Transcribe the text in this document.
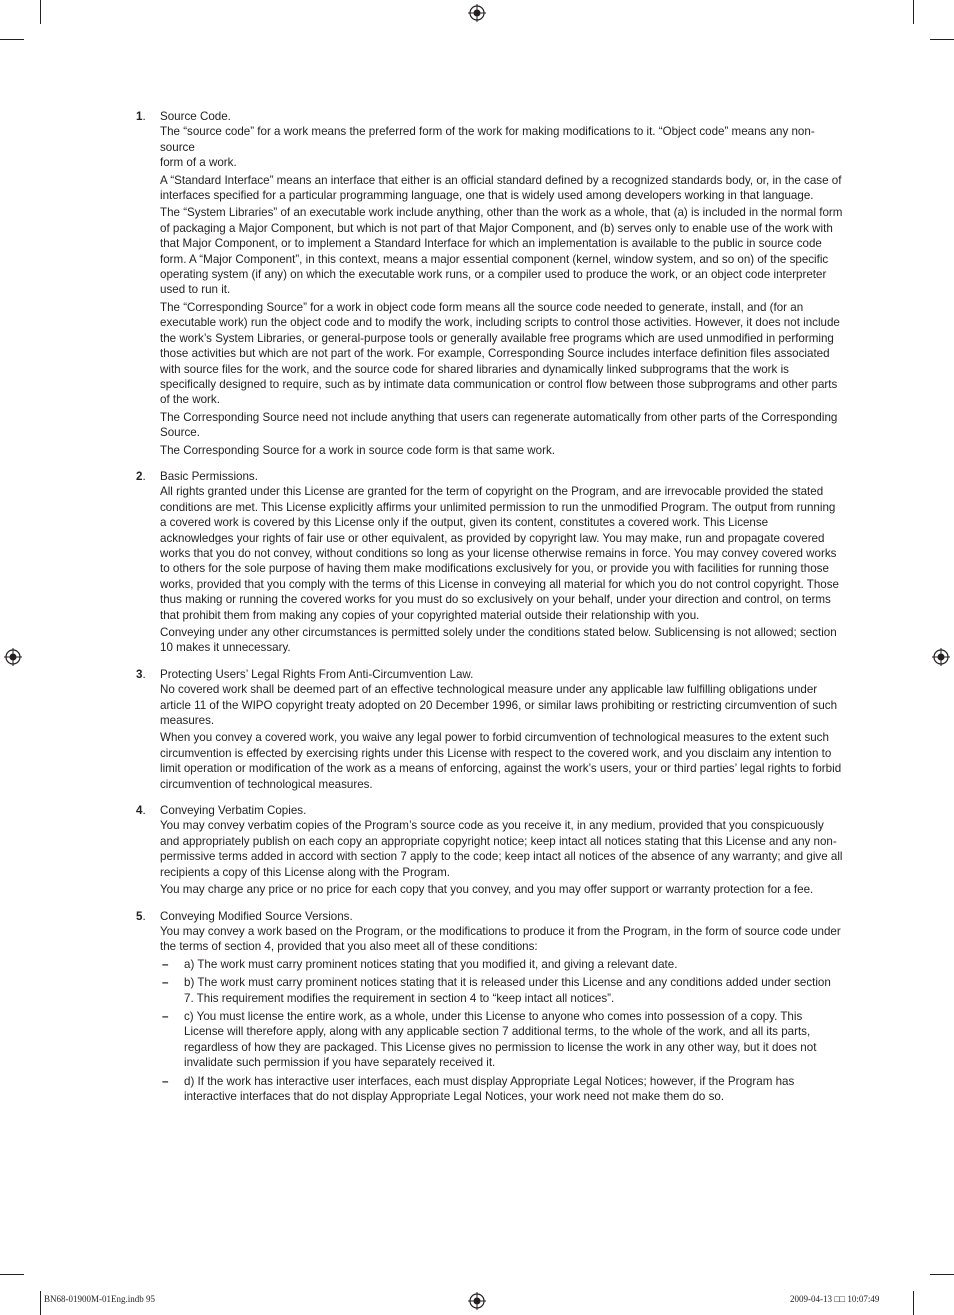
1. Source Code.

The “source code” for a work means the preferred form of the work for making modifications to it. “Object code” means any non-source

form of a work.

A “Standard Interface” means an interface that either is an official standard defined by a recognized standards body, or, in the case of interfaces specified for a particular programming language, one that is widely used among developers working in that language.

The “System Libraries” of an executable work include anything, other than the work as a whole, that (a) is included in the normal form of packaging a Major Component, but which is not part of that Major Component, and (b) serves only to enable use of the work with that Major Component, or to implement a Standard Interface for which an implementation is available to the public in source code form. A “Major Component”, in this context, means a major essential component (kernel, window system, and so on) of the specific operating system (if any) on which the executable work runs, or a compiler used to produce the work, or an object code interpreter used to run it.

The “Corresponding Source” for a work in object code form means all the source code needed to generate, install, and (for an executable work) run the object code and to modify the work, including scripts to control those activities. However, it does not include the work’s System Libraries, or general-purpose tools or generally available free programs which are used unmodified in performing those activities but which are not part of the work. For example, Corresponding Source includes interface definition files associated with source files for the work, and the source code for shared libraries and dynamically linked subprograms that the work is specifically designed to require, such as by intimate data communication or control flow between those subprograms and other parts of the work.

The Corresponding Source need not include anything that users can regenerate automatically from other parts of the Corresponding Source.

The Corresponding Source for a work in source code form is that same work.

2. Basic Permissions.

All rights granted under this License are granted for the term of copyright on the Program, and are irrevocable provided the stated conditions are met. This License explicitly affirms your unlimited permission to run the unmodified Program. The output from running a covered work is covered by this License only if the output, given its content, constitutes a covered work. This License acknowledges your rights of fair use or other equivalent, as provided by copyright law. You may make, run and propagate covered works that you do not convey, without conditions so long as your license otherwise remains in force. You may convey covered works to others for the sole purpose of having them make modifications exclusively for you, or provide you with facilities for running those works, provided that you comply with the terms of this License in conveying all material for which you do not control copyright. Those thus making or running the covered works for you must do so exclusively on your behalf, under your direction and control, on terms that prohibit them from making any copies of your copyrighted material outside their relationship with you.

Conveying under any other circumstances is permitted solely under the conditions stated below. Sublicensing is not allowed; section 10 makes it unnecessary.

3. Protecting Users’ Legal Rights From Anti-Circumvention Law.

No covered work shall be deemed part of an effective technological measure under any applicable law fulfilling obligations under article 11 of the WIPO copyright treaty adopted on 20 December 1996, or similar laws prohibiting or restricting circumvention of such measures.

When you convey a covered work, you waive any legal power to forbid circumvention of technological measures to the extent such circumvention is effected by exercising rights under this License with respect to the covered work, and you disclaim any intention to limit operation or modification of the work as a means of enforcing, against the work’s users, your or third parties’ legal rights to forbid circumvention of technological measures.

4. Conveying Verbatim Copies.

You may convey verbatim copies of the Program’s source code as you receive it, in any medium, provided that you conspicuously and appropriately publish on each copy an appropriate copyright notice; keep intact all notices stating that this License and any non-permissive terms added in accord with section 7 apply to the code; keep intact all notices of the absence of any warranty; and give all recipients a copy of this License along with the Program.

You may charge any price or no price for each copy that you convey, and you may offer support or warranty protection for a fee.

5. Conveying Modified Source Versions.

You may convey a work based on the Program, or the modifications to produce it from the Program, in the form of source code under the terms of section 4, provided that you also meet all of these conditions:

– a) The work must carry prominent notices stating that you modified it, and giving a relevant date.
– b) The work must carry prominent notices stating that it is released under this License and any conditions added under section 7. This requirement modifies the requirement in section 4 to “keep intact all notices”.
– c) You must license the entire work, as a whole, under this License to anyone who comes into possession of a copy. This License will therefore apply, along with any applicable section 7 additional terms, to the whole of the work, and all its parts, regardless of how they are packaged. This License gives no permission to license the work in any other way, but it does not invalidate such permission if you have separately received it.
– d) If the work has interactive user interfaces, each must display Appropriate Legal Notices; however, if the Program has interactive interfaces that do not display Appropriate Legal Notices, your work need not make them do so.
BN68-01900M-01Eng.indb 95	2009-04-13 □□ 10:07:49
